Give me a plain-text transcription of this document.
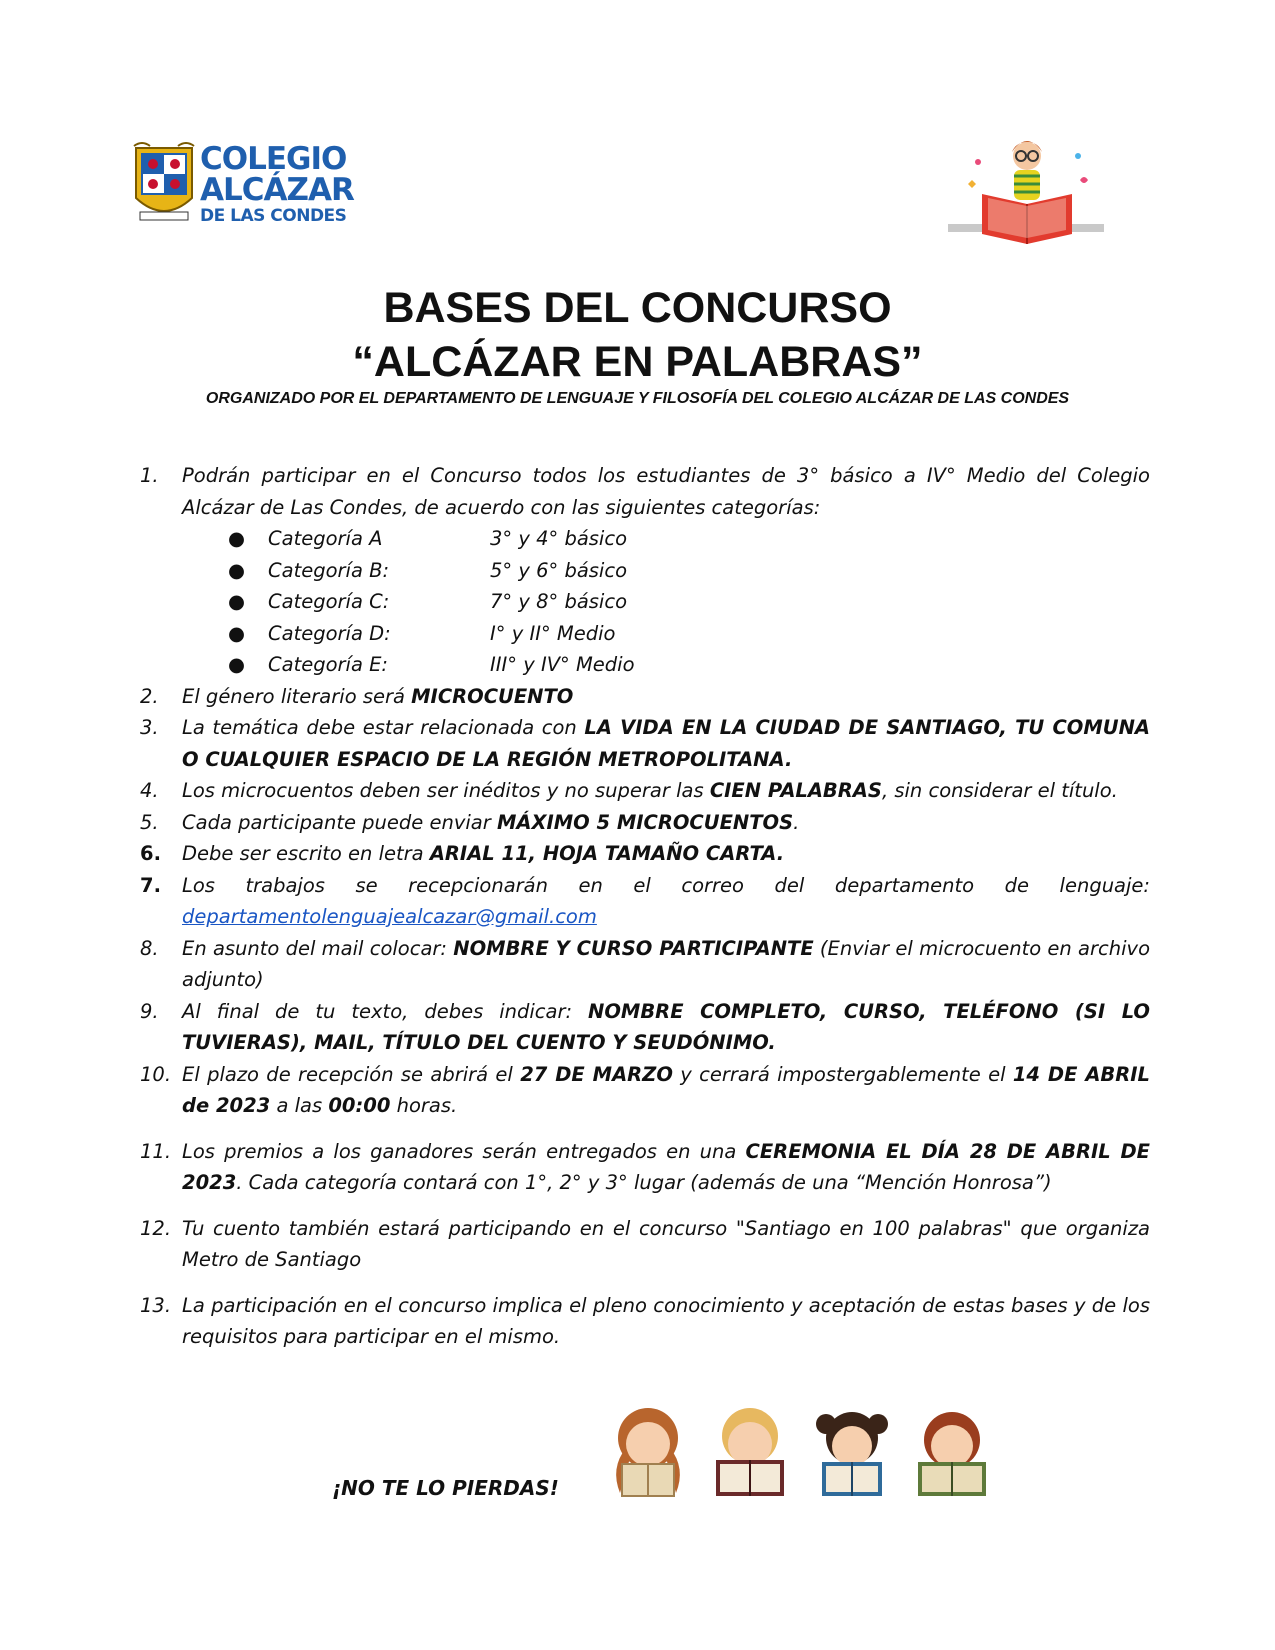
COLEGIO
ALCÁZAR
DE LAS CONDES
BASES DEL CONCURSO
“ALCÁZAR EN PALABRAS”
ORGANIZADO POR EL DEPARTAMENTO DE LENGUAJE Y FILOSOFÍA DEL COLEGIO ALCÁZAR DE LAS CONDES
1. Podrán participar en el Concurso todos los estudiantes de 3° básico a IV° Medio del Colegio Alcázar de Las Condes, de acuerdo con las siguientes categorías:
● Categoría A	3° y 4° básico
● Categoría B:	5° y 6° básico
● Categoría C:	7° y 8° básico
● Categoría D:	I° y II° Medio
● Categoría E:	III° y IV° Medio
2. El género literario será MICROCUENTO
3. La temática debe estar relacionada con LA VIDA EN LA CIUDAD DE SANTIAGO, TU COMUNA O CUALQUIER ESPACIO DE LA REGIÓN METROPOLITANA.
4. Los microcuentos deben ser inéditos y no superar las CIEN PALABRAS, sin considerar el título.
5. Cada participante puede enviar MÁXIMO 5 MICROCUENTOS.
6. Debe ser escrito en letra ARIAL 11, HOJA TAMAÑO CARTA.
7. Los trabajos se recepcionarán en el correo del departamento de lenguaje: departamentolenguajealcazar@gmail.com
8. En asunto del mail colocar: NOMBRE Y CURSO PARTICIPANTE (Enviar el microcuento en archivo adjunto)
9. Al final de tu texto, debes indicar: NOMBRE COMPLETO, CURSO, TELÉFONO (SI LO TUVIERAS), MAIL, TÍTULO DEL CUENTO Y SEUDÓNIMO.
10. El plazo de recepción se abrirá el 27 DE MARZO y cerrará impostergablemente el 14 DE ABRIL de 2023 a las 00:00 horas.
11. Los premios a los ganadores serán entregados en una CEREMONIA EL DÍA 28 DE ABRIL DE 2023. Cada categoría contará con 1°, 2° y 3° lugar (además de una “Mención Honrosa”)
12. Tu cuento también estará participando en el concurso "Santiago en 100 palabras" que organiza Metro de Santiago
13. La participación en el concurso implica el pleno conocimiento y aceptación de estas bases y de los requisitos para participar en el mismo.
¡NO TE LO PIERDAS!
